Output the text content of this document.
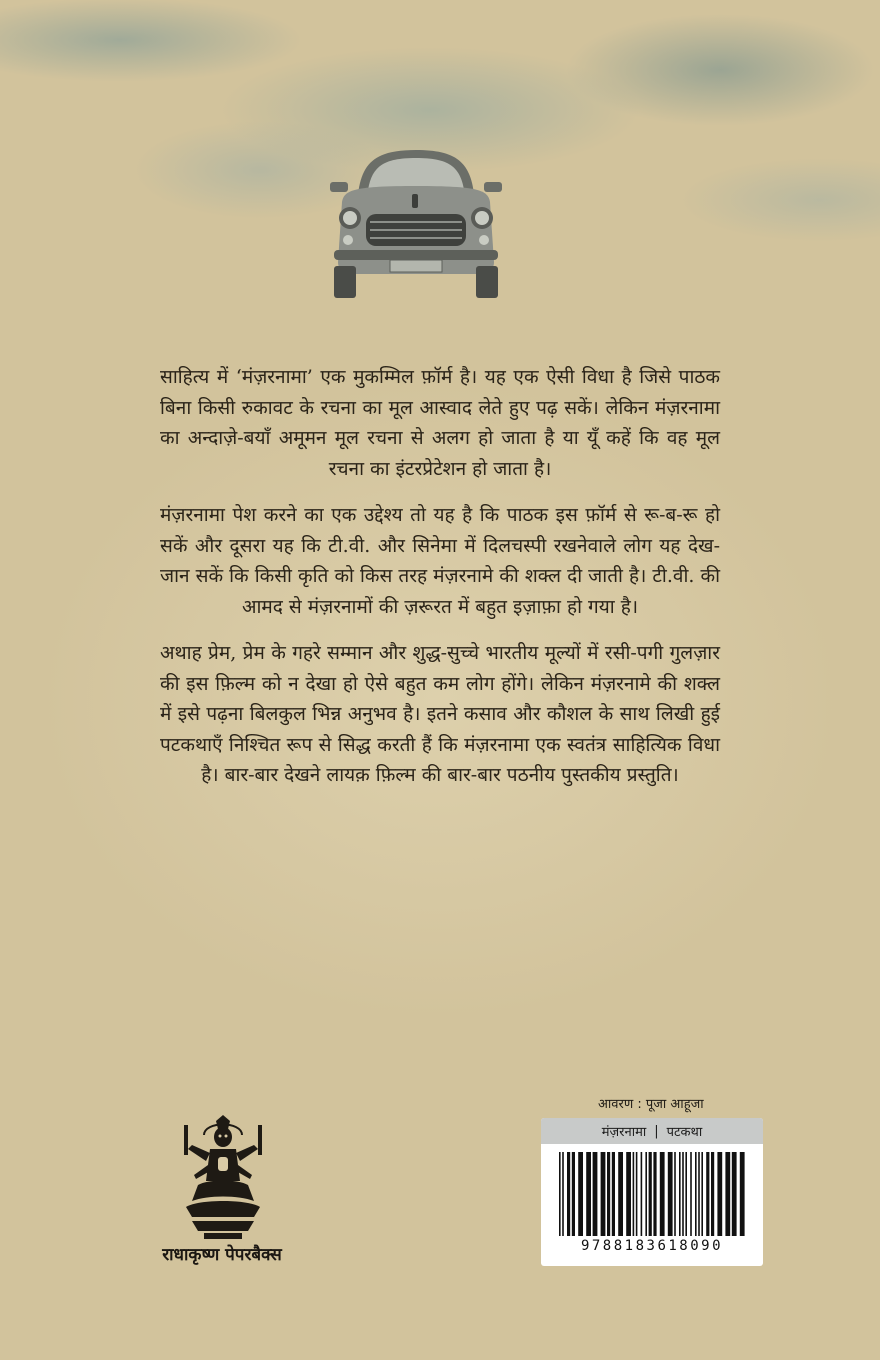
साहित्य में ‘मंज़रनामा’ एक मुकम्मिल फ़ॉर्म है। यह एक ऐसी विधा है जिसे पाठक बिना किसी रुकावट के रचना का मूल आस्वाद लेते हुए पढ़ सकें। लेकिन मंज़रनामा का अन्दाज़े-बयाँ अमूमन मूल रचना से अलग हो जाता है या यूँ कहें कि वह मूल रचना का इंटरप्रेटेशन हो जाता है।

मंज़रनामा पेश करने का एक उद्देश्य तो यह है कि पाठक इस फ़ॉर्म से रू-ब-रू हो सकें और दूसरा यह कि टी.वी. और सिनेमा में दिलचस्पी रखनेवाले लोग यह देख-जान सकें कि किसी कृति को किस तरह मंज़रनामे की शक्ल दी जाती है। टी.वी. की आमद से मंज़रनामों की ज़रूरत में बहुत इज़ाफ़ा हो गया है।

अथाह प्रेम, प्रेम के गहरे सम्मान और शुद्ध-सुच्चे भारतीय मूल्यों में रसी-पगी गुलज़ार की इस फ़िल्म को न देखा हो ऐसे बहुत कम लोग होंगे। लेकिन मंज़रनामे की शक्ल में इसे पढ़ना बिलकुल भिन्न अनुभव है। इतने कसाव और कौशल के साथ लिखी हुई पटकथाएँ निश्चित रूप से सिद्ध करती हैं कि मंज़रनामा एक स्वतंत्र साहित्यिक विधा है। बार-बार देखने लायक़ फ़िल्म की बार-बार पठनीय पुस्तकीय प्रस्तुति।

आवरण : पूजा आहूजा
मंज़रनामा | पटकथा
9788183618090
राधाकृष्ण पेपरबैक्स
